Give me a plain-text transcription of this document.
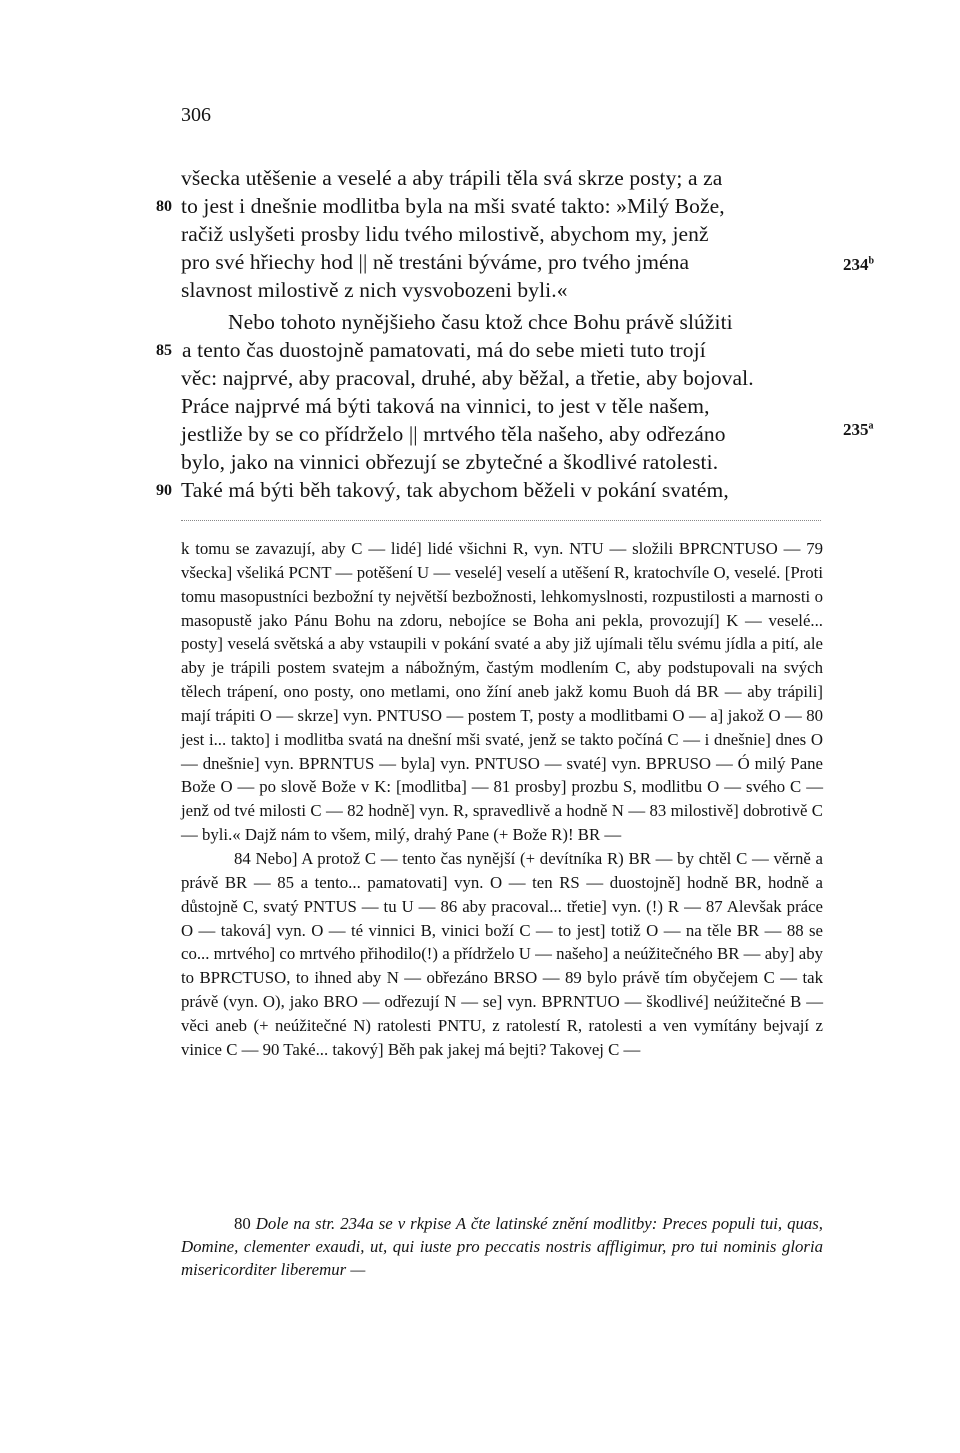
306
všecka utěšenie a veselé a aby trápili těla svá skrze posty; a za
80 to jest i dnešnie modlitba byla na mši svaté takto: »Milý Bože,
račiž uslyšeti prosby lidu tvého milostivě, abychom my, jenž
pro své hřiechy hod || ně trestáni býváme, pro tvého jména	234$^b$
slavnost milostivě z nich vysvobozeni byli.«
Nebo tohoto nynějšieho času ktož chce Bohu právě slúžiti
85 a tento čas duostojně pamatovati, má do sebe mieti tuto trojí
věc: najprvé, aby pracoval, druhé, aby běžal, a třetie, aby bojoval.
Práce najprvé má býti taková na vinnici, to jest v těle našem,
jestliže by se co přídrželo || mrtvého těla našeho, aby odřezáno	235$^a$
bylo, jako na vinnici obřezují se zbytečné a škodlivé ratolesti.
90 Také má býti běh takový, tak abychom běželi v pokání svatém,

k tomu se zavazují, aby C — lidé] lidé všichni R, vyn. NTU — složili BPRCNTUSO — 79 všecka] všeliká PCNT — potěšení U — veselé] veselí a utěšení R, kratochvíle O, veselé. [Proti tomu masopustníci bezbožní ty největší bezbožnosti, lehkomyslnosti, rozpustilosti a marnosti o masopustě jako Pánu Bohu na zdoru, nebojíce se Boha ani pekla, provozují] K — veselé... posty] veselá světská a aby vstaupili v pokání svaté a aby již ujímali tělu svému jídla a pití, ale aby je trápili postem svatejm a nábožným, častým modlením C, aby podstupovali na svých tělech trápení, ono posty, ono metlami, ono žíní aneb jakž komu Buoh dá BR — aby trápili] mají trápiti O — skrze] vyn. PNTUSO — postem T, posty a modlitbami O — a] jakož O — 80 jest i... takto] i modlitba svatá na dnešní mši svaté, jenž se takto počíná C — i dnešnie] dnes O — dnešnie] vyn. BPRNTUS — byla] vyn. PNTUSO — svaté] vyn. BPRUSO — Ó milý Pane Bože O — po slově Bože v K: [modlitba] — 81 prosby] prozbu S, modlitbu O — svého C — jenž od tvé milosti C — 82 hodně] vyn. R, spravedlivě a hodně N — 83 milostivě] dobrotivě C — byli.« Dajž nám to všem, milý, drahý Pane (+ Bože R)! BR —

84 Nebo] A protož C — tento čas nynější (+ devítníka R) BR — by chtěl C — věrně a právě BR — 85 a tento... pamatovati] vyn. O — ten RS — duostojně] hodně BR, hodně a důstojně C, svatý PNTUS — tu U — 86 aby pracoval... třetie] vyn. (!) R — 87 Alevšak práce O — taková] vyn. O — té vinnici B, vinici boží C — to jest] totiž O — na těle BR — 88 se co... mrtvého] co mrtvého přihodilo(!) a přídrželo U — našeho] a neúžitečného BR — aby] aby to BPRCTUSO, to ihned aby N — obřezáno BRSO — 89 bylo právě tím obyčejem C — tak právě (vyn. O), jako BRO — odřezují N — se] vyn. BPRNTUO — škodlivé] neúžitečné B — věci aneb (+ neúžitečné N) ratolesti PNTU, z ratolestí R, ratolesti a ven vymítány bejvají z vinice C — 90 Také... takový] Běh pak jakej má bejti? Takovej C —

80 Dole na str. 234a se v rkpise A čte latinské znění modlitby: Preces populi tui, quas, Domine, clementer exaudi, ut, qui iuste pro peccatis nostris affligimur, pro tui nominis gloria misericorditer liberemur —
